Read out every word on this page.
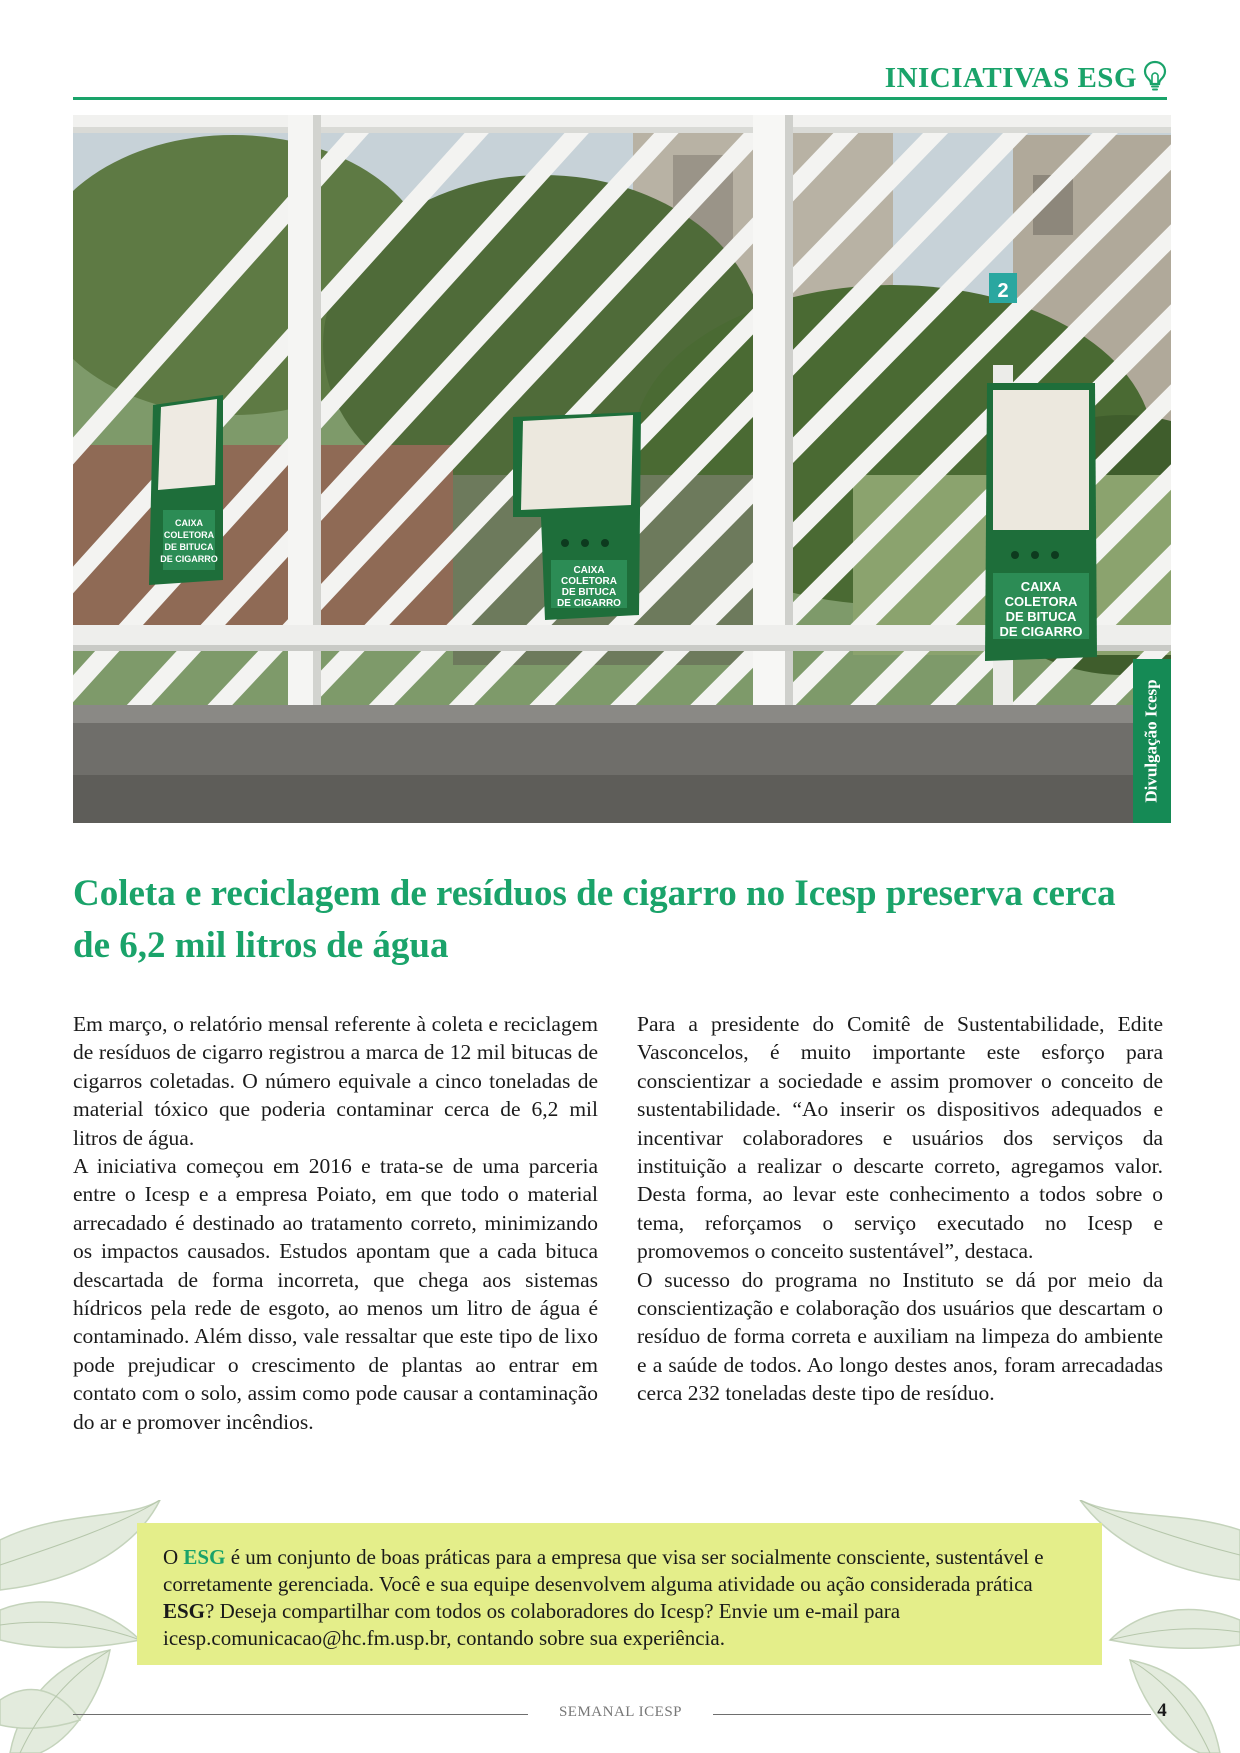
INICIATIVAS ESG
2
CAIXA
COLETORA
DE BITUCA
DE CIGARRO
CAIXA
COLETORA
DE BITUCA
DE CIGARRO
CAIXA
COLETORA
DE BITUCA
DE CIGARRO
Divulgação Icesp
Coleta e reciclagem de resíduos de cigarro no Icesp preserva cerca
de 6,2 mil litros de água

Em março, o relatório mensal referente à coleta e reciclagem de resíduos de cigarro registrou a marca de 12 mil bitucas de cigarros coletadas. O número equivale a cinco toneladas de material tóxico que poderia contaminar cerca de 6,2 mil litros de água.

A iniciativa começou em 2016 e trata-se de uma parceria entre o Icesp e a empresa Poiato, em que todo o material arrecadado é destinado ao tratamento correto, minimizando os impactos causados. Estudos apontam que a cada bituca descartada de forma incorreta, que chega aos sistemas hídricos pela rede de esgoto, ao menos um litro de água é contaminado. Além disso, vale ressaltar que este tipo de lixo pode prejudicar o crescimento de plantas ao entrar em contato com o solo, assim como pode causar a contaminação do ar e promover incêndios.

Para a presidente do Comitê de Sustentabilidade, Edite Vasconcelos, é muito importante este esforço para conscientizar a sociedade e assim promover o conceito de sustentabilidade. “Ao inserir os dispositivos adequados e incentivar colaboradores e usuários dos serviços da instituição a realizar o descarte correto, agregamos valor. Desta forma, ao levar este conhecimento a todos sobre o tema, reforçamos o serviço executado no Icesp e promovemos o conceito sustentável”, destaca.

O sucesso do programa no Instituto se dá por meio da conscientização e colaboração dos usuários que descartam o resíduo de forma correta e auxiliam na limpeza do ambiente e a saúde de todos. Ao longo destes anos, foram arrecadadas cerca 232 toneladas deste tipo de resíduo.

O ESG é um conjunto de boas práticas para a empresa que visa ser socialmente consciente, sustentável e corretamente gerenciada. Você e sua equipe desenvolvem alguma atividade ou ação considerada prática ESG? Deseja compartilhar com todos os colaboradores do Icesp? Envie um e-mail para icesp.comunicacao@hc.fm.usp.br, contando sobre sua experiência.
SEMANAL ICESP	4
